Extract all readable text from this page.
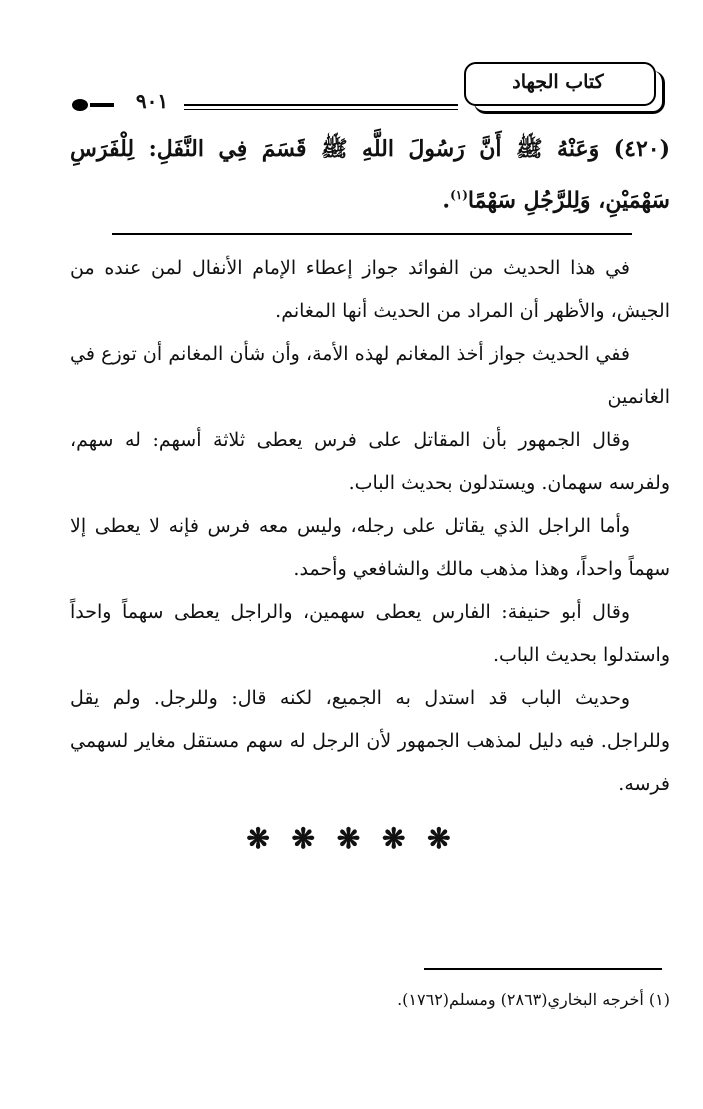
كتاب الجهاد
٩٠١
(٤٢٠) وَعَنْهُ ﷺ أَنَّ رَسُولَ اللَّهِ ﷺ قَسَمَ فِي النَّفَلِ: لِلْفَرَسِ سَهْمَيْنِ، وَلِلرَّجُلِ سَهْمًا$^{(١)}$.

في هذا الحديث من الفوائد جواز إعطاء الإمام الأنفال لمن عنده من الجيش، والأظهر أن المراد من الحديث أنها المغانم.

ففي الحديث جواز أخذ المغانم لهذه الأمة، وأن شأن المغانم أن توزع في الغانمين

وقال الجمهور بأن المقاتل على فرس يعطى ثلاثة أسهم: له سهم، ولفرسه سهمان. ويستدلون بحديث الباب.

وأما الراجل الذي يقاتل على رجله، وليس معه فرس فإنه لا يعطى إلا سهماً واحداً، وهذا مذهب مالك والشافعي وأحمد.

وقال أبو حنيفة: الفارس يعطى سهمين، والراجل يعطى سهماً واحداً واستدلوا بحديث الباب.

وحديث الباب قد استدل به الجميع، لكنه قال: وللرجل. ولم يقل وللراجل. فيه دليل لمذهب الجمهور لأن الرجل له سهم مستقل مغاير لسهمي فرسه.

❋ ❋ ❋ ❋ ❋
(١) أخرجه البخاري(٢٨٦٣) ومسلم(١٧٦٢).
